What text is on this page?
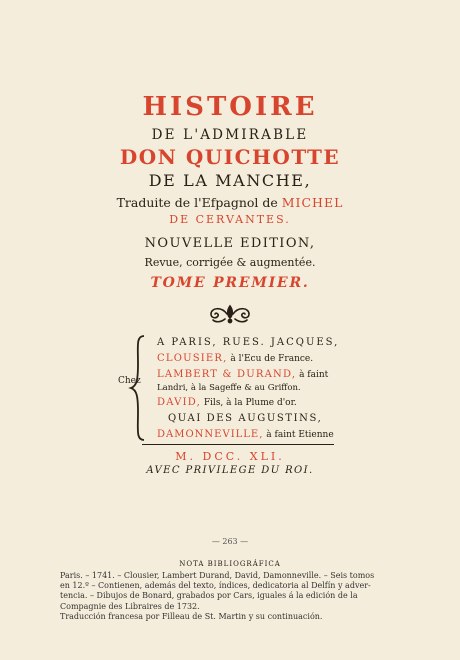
HISTOIRE
DE L'ADMIRABLE
DON QUICHOTTE
DE LA MANCHE,
Traduite de l'Efpagnol de MICHEL
DE CERVANTES.
NOUVELLE EDITION,
Revue, corrigée & augmentée.
TOME PREMIER.
Chez
A PARIS, RUES. JACQUES,
CLOUSIER, à l'Ecu de France.
LAMBERT & DURAND, à faint
Landri, à la Sageffe & au Griffon.
DAVID, Fils, à la Plume d'or.
QUAI DES AUGUSTINS,
DAMONNEVILLE, à faint Etienne
M. DCC. XLI.
AVEC PRIVILEGE DU ROI.
— 263 —
NOTA BIBLIOGRÁFICA
Paris. – 1741. – Clousier, Lambert Durand, David, Damonneville. – Seis tomos
en 12.º – Contienen, además del texto, índices, dedicatoria al Delfín y adver-
tencia. – Dibujos de Bonard, grabados por Cars, iguales á la edición de la
Compagnie des Libraires de 1732.
Traducción francesa por Filleau de St. Martin y su continuación.
